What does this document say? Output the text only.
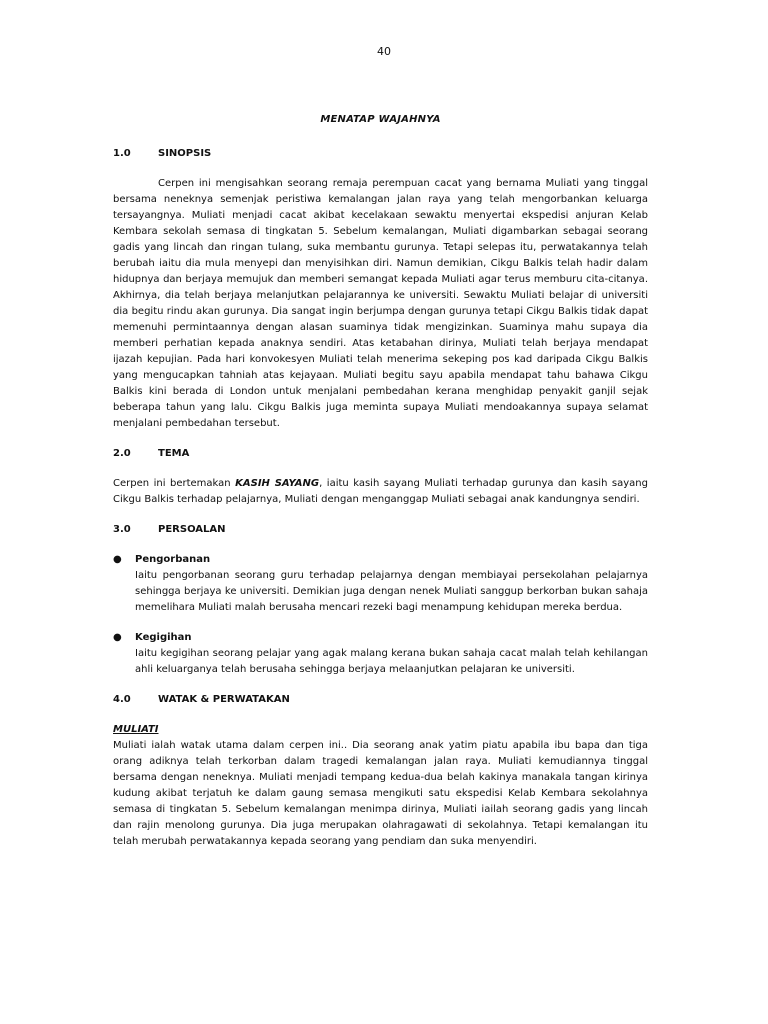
40
MENATAP WAJAHNYA
1.0	SINOPSIS

Cerpen ini mengisahkan seorang remaja perempuan cacat yang bernama Muliati yang tinggal bersama neneknya semenjak peristiwa kemalangan jalan raya yang telah mengorbankan keluarga tersayangnya. Muliati menjadi cacat akibat kecelakaan sewaktu menyertai ekspedisi anjuran Kelab Kembara sekolah semasa di tingkatan 5. Sebelum kemalangan, Muliati digambarkan sebagai seorang gadis yang lincah dan ringan tulang, suka membantu gurunya. Tetapi selepas itu, perwatakannya telah berubah iaitu dia mula menyepi dan menyisihkan diri. Namun demikian, Cikgu Balkis telah hadir dalam hidupnya dan berjaya memujuk dan memberi semangat kepada Muliati agar terus memburu cita-citanya. Akhirnya, dia telah berjaya melanjutkan pelajarannya ke universiti. Sewaktu Muliati belajar di universiti dia begitu rindu akan gurunya. Dia sangat ingin berjumpa dengan gurunya tetapi Cikgu Balkis tidak dapat memenuhi permintaannya dengan alasan suaminya tidak mengizinkan. Suaminya mahu supaya dia memberi perhatian kepada anaknya sendiri. Atas ketabahan dirinya, Muliati telah berjaya mendapat ijazah kepujian. Pada hari konvokesyen Muliati telah menerima sekeping pos kad daripada Cikgu Balkis yang mengucapkan tahniah atas kejayaan. Muliati begitu sayu apabila mendapat tahu bahawa Cikgu Balkis kini berada di London untuk menjalani pembedahan kerana menghidap penyakit ganjil sejak beberapa tahun yang lalu. Cikgu Balkis juga meminta supaya Muliati mendoakannya supaya selamat menjalani pembedahan tersebut.

2.0	TEMA

Cerpen ini bertemakan KASIH SAYANG, iaitu kasih sayang Muliati terhadap gurunya dan kasih sayang Cikgu Balkis terhadap pelajarnya, Muliati dengan menganggap Muliati sebagai anak kandungnya sendiri.

3.0	PERSOALAN
●	Pengorbanan

Iaitu pengorbanan seorang guru terhadap pelajarnya dengan membiayai persekolahan pelajarnya sehingga berjaya ke universiti. Demikian juga dengan nenek Muliati sanggup berkorban bukan sahaja memelihara Muliati malah berusaha mencari rezeki bagi menampung kehidupan mereka berdua.

●	Kegigihan

Iaitu kegigihan seorang pelajar yang agak malang kerana bukan sahaja cacat malah telah kehilangan ahli keluarganya telah berusaha sehingga berjaya melaanjutkan pelajaran ke universiti.

4.0	WATAK & PERWATAKAN

MULIATI

Muliati ialah watak utama dalam cerpen ini.. Dia seorang anak yatim piatu apabila ibu bapa dan tiga orang adiknya telah terkorban dalam tragedi kemalangan jalan raya. Muliati kemudiannya tinggal bersama dengan neneknya. Muliati menjadi tempang kedua-dua belah kakinya manakala tangan kirinya kudung akibat terjatuh ke dalam gaung semasa mengikuti satu ekspedisi Kelab Kembara sekolahnya semasa di tingkatan 5. Sebelum kemalangan menimpa dirinya, Muliati iailah seorang gadis yang lincah dan rajin menolong gurunya. Dia juga merupakan olahragawati di sekolahnya. Tetapi kemalangan itu telah merubah perwatakannya kepada seorang yang pendiam dan suka menyendiri.
